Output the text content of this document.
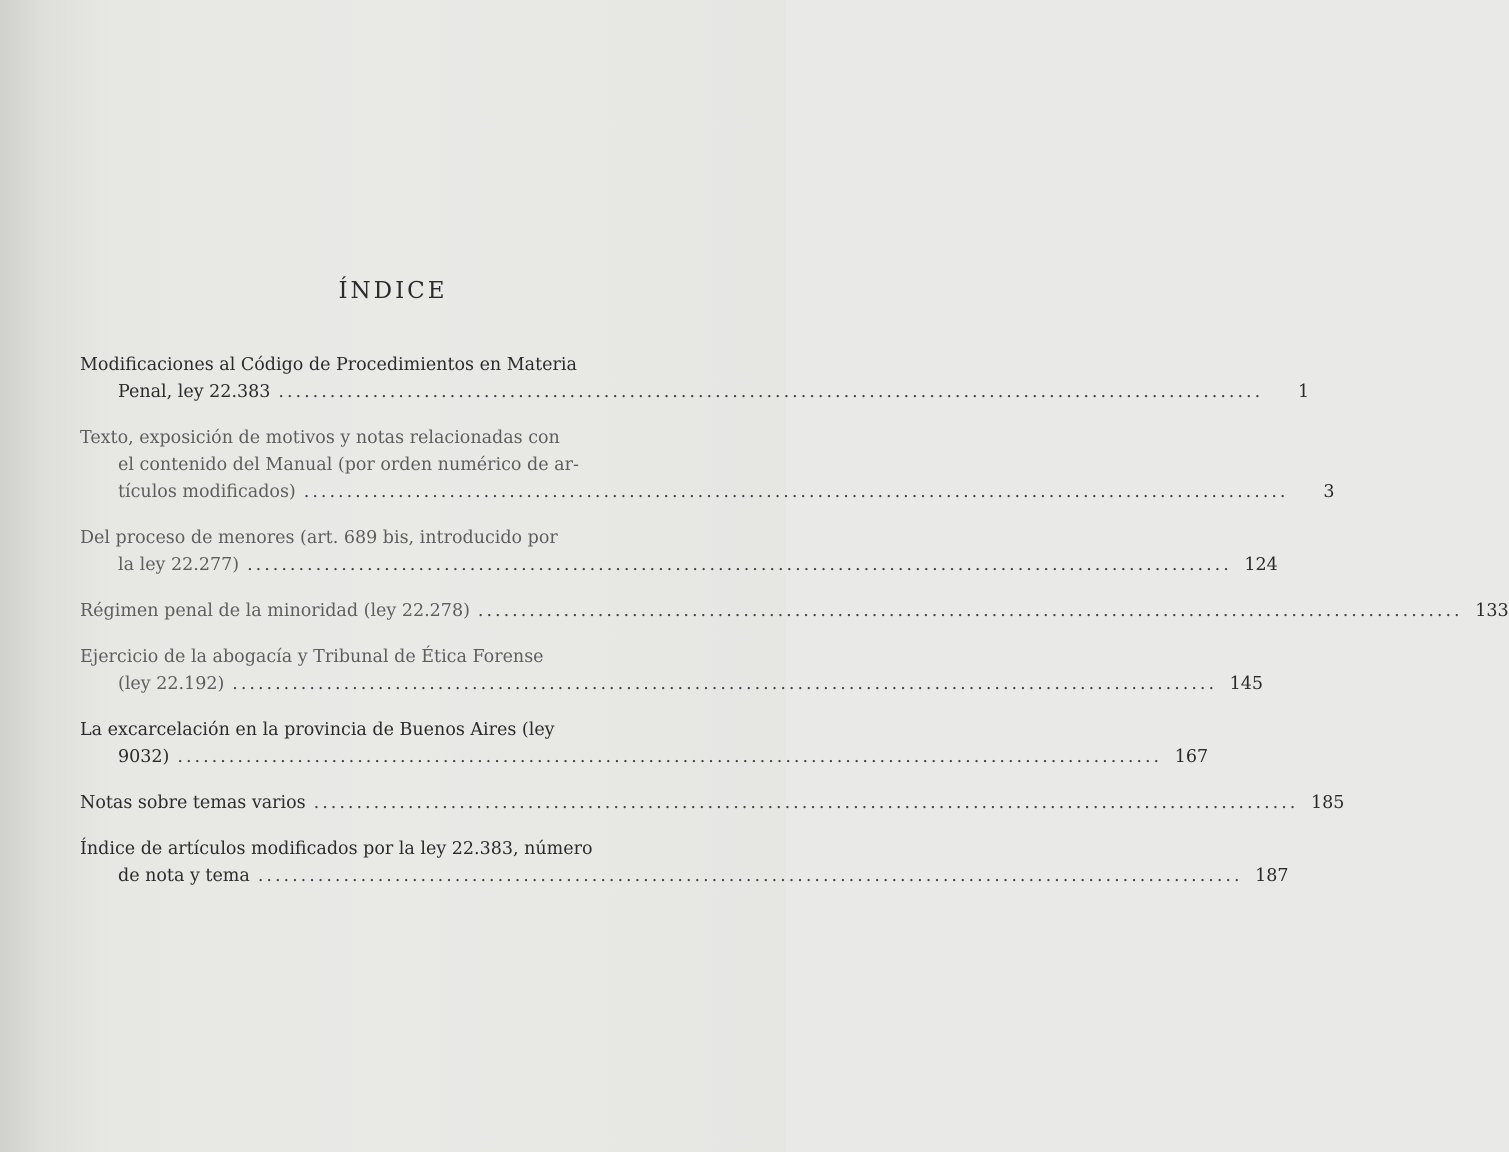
ÍNDICE
Modificaciones al Código de Procedimientos en Materia
Penal, ley 22.383 ...................................................................................................................	1
Texto, exposición de motivos y notas relacionadas con
el contenido del Manual (por orden numérico de ar-
tículos modificados) ...................................................................................................................	3
Del proceso de menores (art. 689 bis, introducido por
la ley 22.277) ................................................................................................................... 124
Régimen penal de la minoridad (ley 22.278) ................................................................................................................... 133
Ejercicio de la abogacía y Tribunal de Ética Forense
(ley 22.192) ................................................................................................................... 145
La excarcelación en la provincia de Buenos Aires (ley
9032) ................................................................................................................... 167
Notas sobre temas varios ................................................................................................................... 185
Índice de artículos modificados por la ley 22.383, número
de nota y tema ................................................................................................................... 187
